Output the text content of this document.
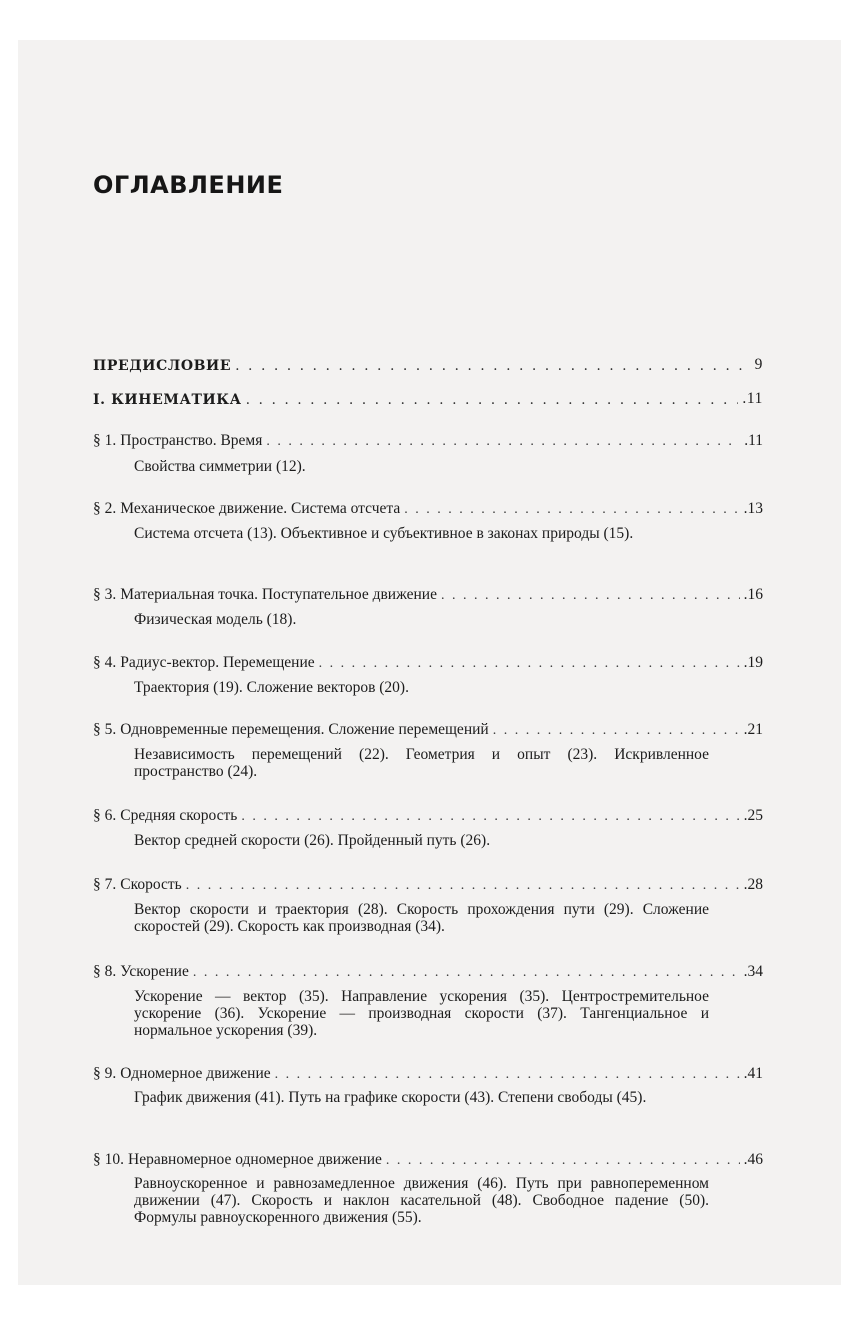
ОГЛАВЛЕНИЕ
ПРЕДИСЛОВИЕ . . .	9
I. КИНЕМАТИКА . . .	.11
§ 1. Пространство. Время . . .	.11

Свойства симметрии (12).

§ 2. Механическое движение. Система отсчета . . .	.13

Система отсчета (13). Объективное и субъективное в законах природы (15).

§ 3. Материальная точка. Поступательное движение . . .	.16

Физическая модель (18).

§ 4. Радиус-вектор. Перемещение . . .	.19

Траектория (19). Сложение векторов (20).

§ 5. Одновременные перемещения. Сложение перемещений . . .	.21

Независимость перемещений (22). Геометрия и опыт (23). Искривленное пространство (24).

§ 6. Средняя скорость . . .	.25

Вектор средней скорости (26). Пройденный путь (26).

§ 7. Скорость . . .	.28

Вектор скорости и траектория (28). Скорость прохождения пути (29). Сложение скоростей (29). Скорость как производная (34).

§ 8. Ускорение . . .	.34

Ускорение — вектор (35). Направление ускорения (35). Центростремительное ускорение (36). Ускорение — производная скорости (37). Тангенциальное и нормальное ускорения (39).

§ 9. Одномерное движение . . .	.41

График движения (41). Путь на графике скорости (43). Степени свободы (45).

§ 10. Неравномерное одномерное движение . . .	.46

Равноускоренное и равнозамедленное движения (46). Путь при равнопеременном движении (47). Скорость и наклон касательной (48). Свободное падение (50). Формулы равноускоренного движения (55).
